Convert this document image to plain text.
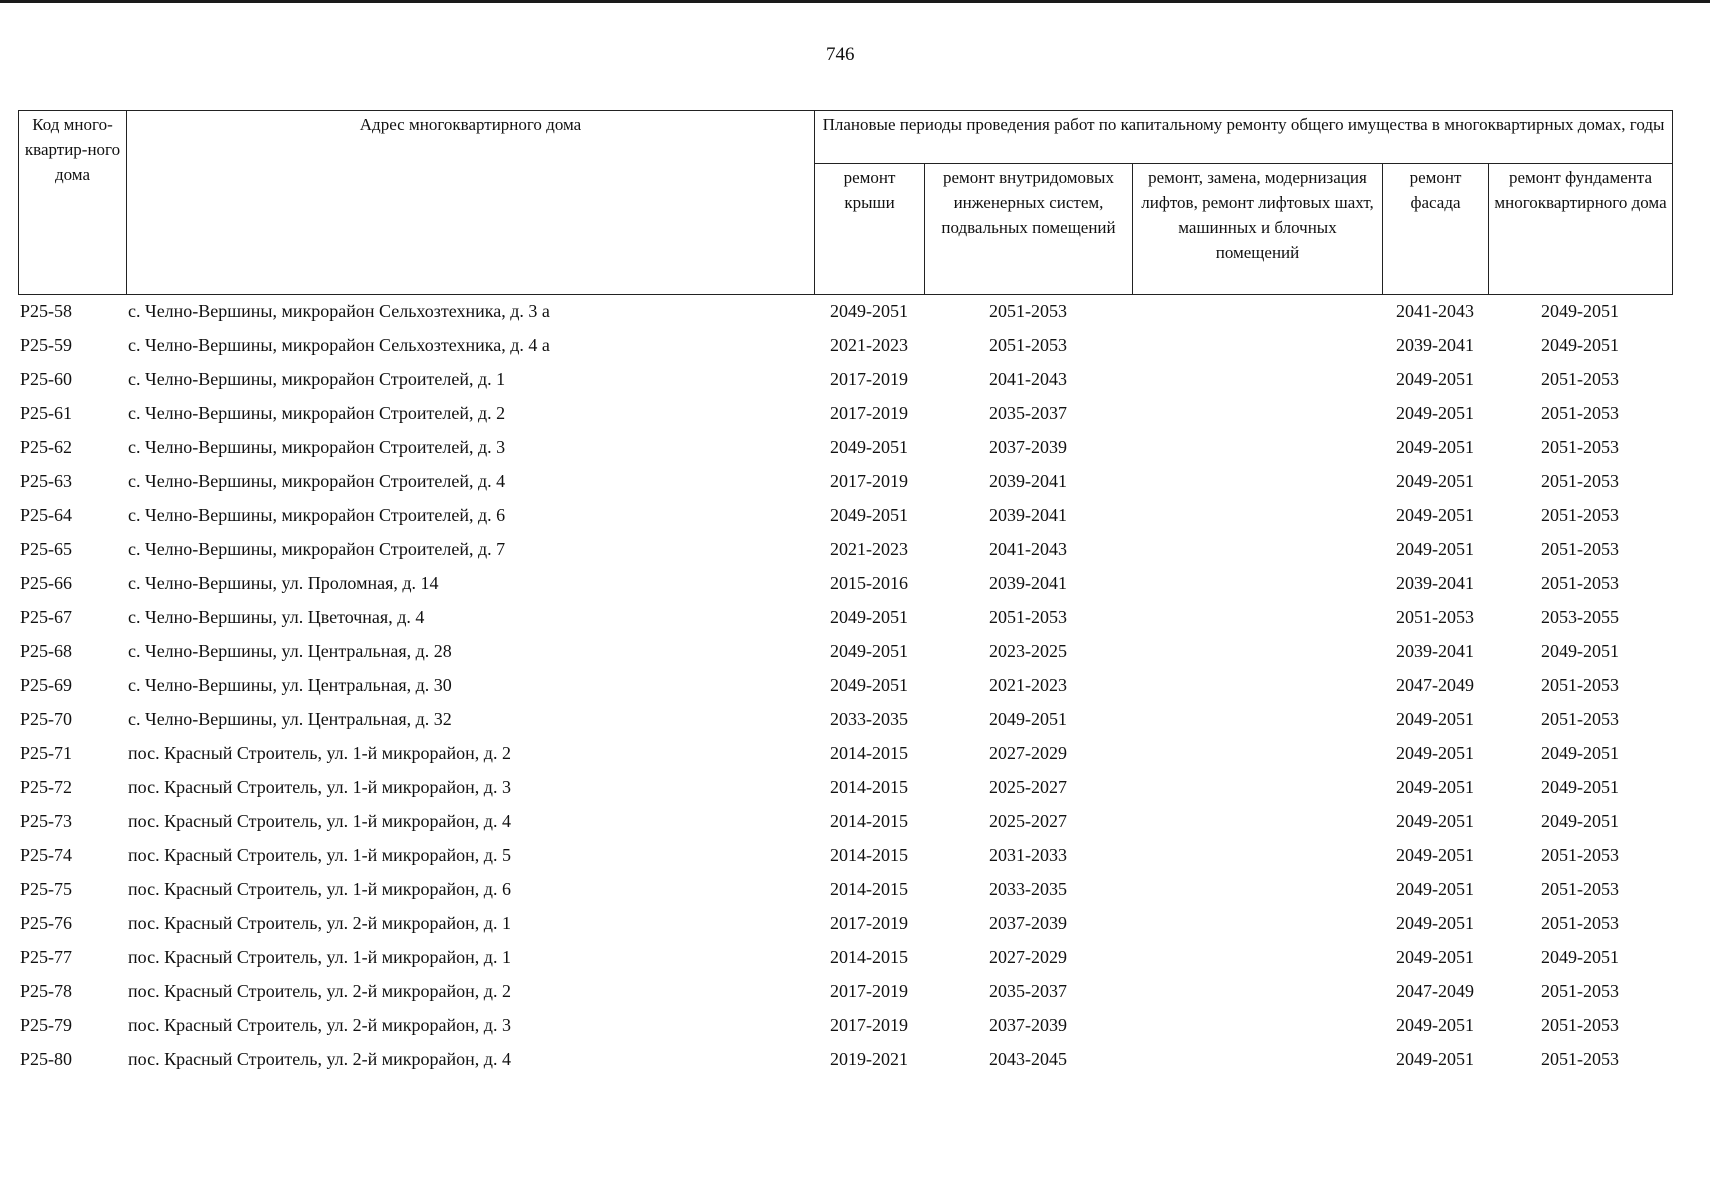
746
Код много-квартир-ного дома	Адрес многоквартирного дома	Плановые периоды проведения работ по капитальному ремонту общего имущества в многоквартирных домах, годы				
		ремонт крыши	ремонт внутридомовых инженерных систем, подвальных помещений	ремонт, замена, модернизация лифтов, ремонт лифтовых шахт, машинных и блочных помещений	ремонт фасада	ремонт фундамента многоквартирного дома
P25-58	с. Челно-Вершины, микрорайон Сельхозтехника, д. 3 а	2049-2051	2051-2053		2041-2043	2049-2051
P25-59	с. Челно-Вершины, микрорайон Сельхозтехника, д. 4 а	2021-2023	2051-2053		2039-2041	2049-2051
P25-60	с. Челно-Вершины, микрорайон Строителей, д. 1	2017-2019	2041-2043		2049-2051	2051-2053
P25-61	с. Челно-Вершины, микрорайон Строителей, д. 2	2017-2019	2035-2037		2049-2051	2051-2053
P25-62	с. Челно-Вершины, микрорайон Строителей, д. 3	2049-2051	2037-2039		2049-2051	2051-2053
P25-63	с. Челно-Вершины, микрорайон Строителей, д. 4	2017-2019	2039-2041		2049-2051	2051-2053
P25-64	с. Челно-Вершины, микрорайон Строителей, д. 6	2049-2051	2039-2041		2049-2051	2051-2053
P25-65	с. Челно-Вершины, микрорайон Строителей, д. 7	2021-2023	2041-2043		2049-2051	2051-2053
P25-66	с. Челно-Вершины, ул. Проломная, д. 14	2015-2016	2039-2041		2039-2041	2051-2053
P25-67	с. Челно-Вершины, ул. Цветочная, д. 4	2049-2051	2051-2053		2051-2053	2053-2055
P25-68	с. Челно-Вершины, ул. Центральная, д. 28	2049-2051	2023-2025		2039-2041	2049-2051
P25-69	с. Челно-Вершины, ул. Центральная, д. 30	2049-2051	2021-2023		2047-2049	2051-2053
P25-70	с. Челно-Вершины, ул. Центральная, д. 32	2033-2035	2049-2051		2049-2051	2051-2053
P25-71	пос. Красный Строитель, ул. 1-й микрорайон, д. 2	2014-2015	2027-2029		2049-2051	2049-2051
P25-72	пос. Красный Строитель, ул. 1-й микрорайон, д. 3	2014-2015	2025-2027		2049-2051	2049-2051
P25-73	пос. Красный Строитель, ул. 1-й микрорайон, д. 4	2014-2015	2025-2027		2049-2051	2049-2051
P25-74	пос. Красный Строитель, ул. 1-й микрорайон, д. 5	2014-2015	2031-2033		2049-2051	2051-2053
P25-75	пос. Красный Строитель, ул. 1-й микрорайон, д. 6	2014-2015	2033-2035		2049-2051	2051-2053
P25-76	пос. Красный Строитель, ул. 2-й микрорайон, д. 1	2017-2019	2037-2039		2049-2051	2051-2053
P25-77	пос. Красный Строитель, ул. 1-й микрорайон, д. 1	2014-2015	2027-2029		2049-2051	2049-2051
P25-78	пос. Красный Строитель, ул. 2-й микрорайон, д. 2	2017-2019	2035-2037		2047-2049	2051-2053
P25-79	пос. Красный Строитель, ул. 2-й микрорайон, д. 3	2017-2019	2037-2039		2049-2051	2051-2053
P25-80	пос. Красный Строитель, ул. 2-й микрорайон, д. 4	2019-2021	2043-2045		2049-2051	2051-2053
